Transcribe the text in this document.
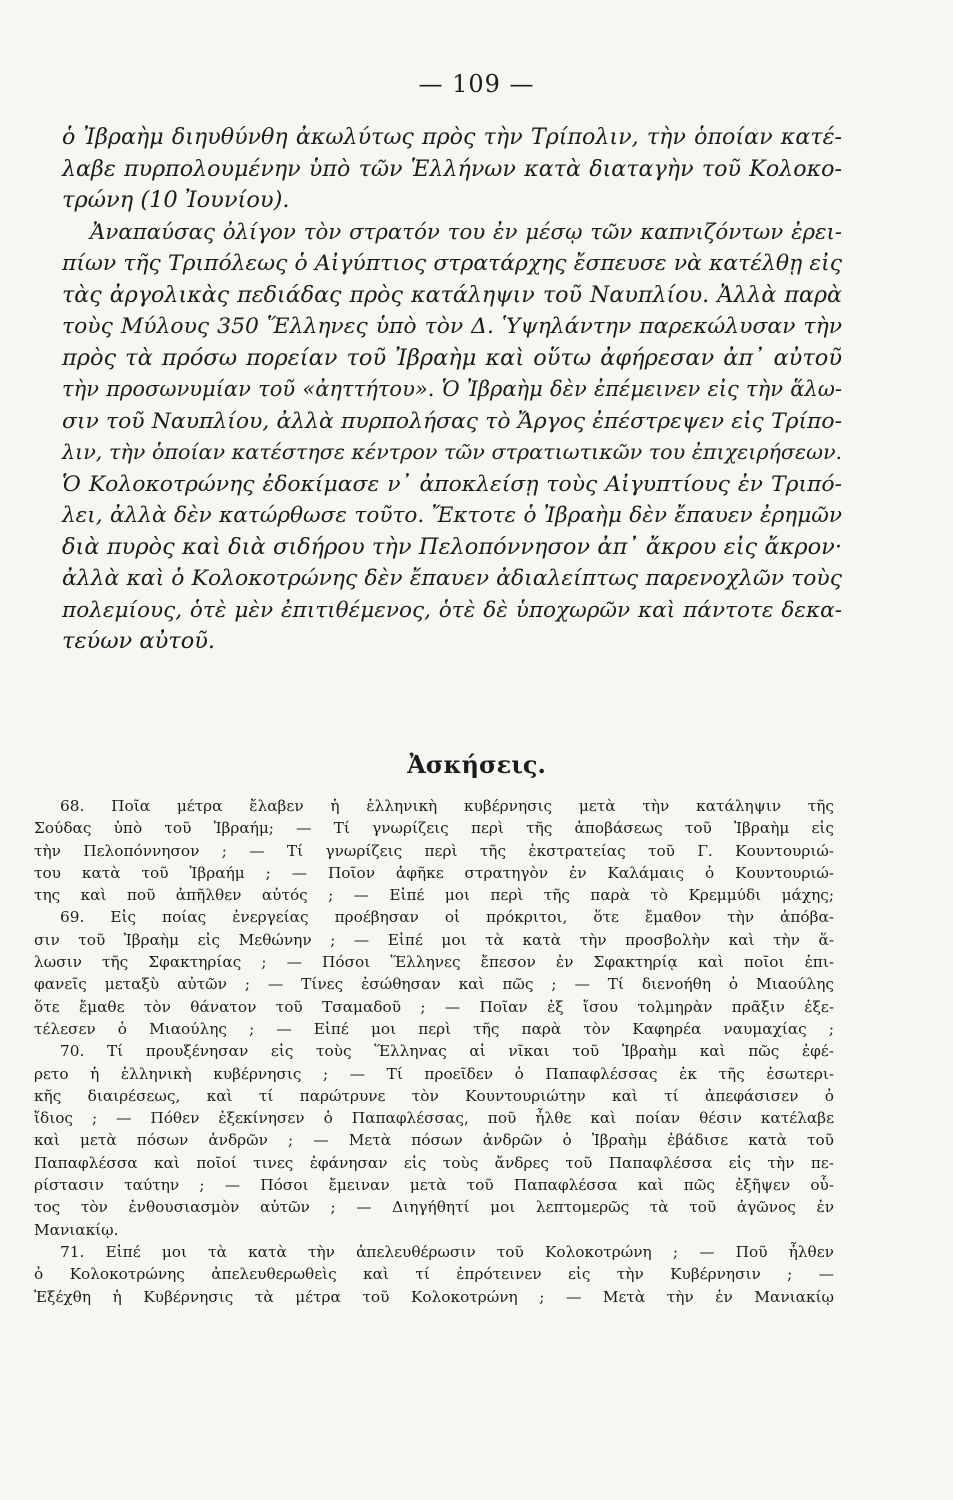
— 109 —
ὁ Ἰβραὴμ διηυθύνθη ἀκωλύτως πρὸς τὴν Τρίπολιν, τὴν ὁποίαν κατέ-
λαβε πυρπολουμένην ὑπὸ τῶν Ἑλλήνων κατὰ διαταγὴν τοῦ Κολοκο-
τρώνη (10 Ἰουνίου).
Ἀναπαύσας ὀλίγον τὸν στρατόν του ἐν μέσῳ τῶν καπνιζόντων ἐρει-
πίων τῆς Τριπόλεως ὁ Αἰγύπτιος στρατάρχης ἔσπευσε νὰ κατέλθῃ εἰς
τὰς ἀργολικὰς πεδιάδας πρὸς κατάληψιν τοῦ Ναυπλίου. Ἀλλὰ παρὰ
τοὺς Μύλους 350 Ἕλληνες ὑπὸ τὸν Δ. Ὑψηλάντην παρεκώλυσαν τὴν
πρὸς τὰ πρόσω πορείαν τοῦ Ἰβραὴμ καὶ οὕτω ἀφήρεσαν ἀπ᾽ αὐτοῦ
τὴν προσωνυμίαν τοῦ «ἀηττήτου». Ὁ Ἰβραὴμ δὲν ἐπέμεινεν εἰς τὴν ἅλω-
σιν τοῦ Ναυπλίου, ἀλλὰ πυρπολήσας τὸ Ἄργος ἐπέστρεψεν εἰς Τρίπο-
λιν, τὴν ὁποίαν κατέστησε κέντρον τῶν στρατιωτικῶν του ἐπιχειρήσεων.
Ὁ Κολοκοτρώνης ἐδοκίμασε ν᾽ ἀποκλείσῃ τοὺς Αἰγυπτίους ἐν Τριπό-
λει, ἀλλὰ δὲν κατώρθωσε τοῦτο. Ἔκτοτε ὁ Ἰβραὴμ δὲν ἔπαυεν ἐρημῶν
διὰ πυρὸς καὶ διὰ σιδήρου τὴν Πελοπόννησον ἀπ᾽ ἄκρου εἰς ἄκρον·
ἀλλὰ καὶ ὁ Κολοκοτρώνης δὲν ἔπαυεν ἀδιαλείπτως παρενοχλῶν τοὺς
πολεμίους, ὁτὲ μὲν ἐπιτιθέμενος, ὁτὲ δὲ ὑποχωρῶν καὶ πάντοτε δεκα-
τεύων αὐτοῦ.
Ἀσκήσεις.
68. Ποῖα μέτρα ἔλαβεν ἡ ἑλληνικὴ κυβέρνησις μετὰ τὴν κατάληψιν τῆς
Σούδας ὑπὸ τοῦ Ἰβραήμ; — Τί γνωρίζεις περὶ τῆς ἀποβάσεως τοῦ Ἰβραὴμ εἰς
τὴν Πελοπόννησον ; — Τί γνωρίζεις περὶ τῆς ἐκστρατείας τοῦ Γ. Κουντουριώ-
του κατὰ τοῦ Ἰβραήμ ; — Ποῖον ἀφῆκε στρατηγὸν ἐν Καλάμαις ὁ Κουντουριώ-
της καὶ ποῦ ἀπῆλθεν αὐτός ; — Εἰπέ μοι περὶ τῆς παρὰ τὸ Κρεμμύδι μάχης;
69. Εἰς ποίας ἐνεργείας προέβησαν οἱ πρόκριτοι, ὅτε ἔμαθον τὴν ἀπόβα-
σιν τοῦ Ἰβραὴμ εἰς Μεθώνην ; — Εἰπέ μοι τὰ κατὰ τὴν προσβολὴν καὶ τὴν ἅ-
λωσιν τῆς Σφακτηρίας ; — Πόσοι Ἕλληνες ἔπεσον ἐν Σφακτηρίᾳ καὶ ποῖοι ἐπι-
φανεῖς μεταξὺ αὐτῶν ; — Τίνες ἐσώθησαν καὶ πῶς ; — Τί διενοήθη ὁ Μιαούλης
ὅτε ἔμαθε τὸν θάνατον τοῦ Τσαμαδοῦ ; — Ποῖαν ἐξ ἴσου τολμηρὰν πρᾶξιν ἐξε-
τέλεσεν ὁ Μιαούλης ; — Εἰπέ μοι περὶ τῆς παρὰ τὸν Καφηρέα ναυμαχίας ;
70. Τί προυξένησαν εἰς τοὺς Ἕλληνας αἱ νῖκαι τοῦ Ἰβραὴμ καὶ πῶς ἐφέ-
ρετο ἡ ἑλληνικὴ κυβέρνησις ; — Τί προεῖδεν ὁ Παπαφλέσσας ἐκ τῆς ἐσωτερι-
κῆς διαιρέσεως, καὶ τί παρώτρυνε τὸν Κουντουριώτην καὶ τί ἀπεφάσισεν ὁ
ἴδιος ; — Πόθεν ἐξεκίνησεν ὁ Παπαφλέσσας, ποῦ ἦλθε καὶ ποίαν θέσιν κατέλαβε
καὶ μετὰ πόσων ἀνδρῶν ; — Μετὰ πόσων ἀνδρῶν ὁ Ἰβραὴμ ἐβάδισε κατὰ τοῦ
Παπαφλέσσα καὶ ποῖοί τινες ἐφάνησαν εἰς τοὺς ἄνδρες τοῦ Παπαφλέσσα εἰς τὴν πε-
ρίστασιν ταύτην ; — Πόσοι ἔμειναν μετὰ τοῦ Παπαφλέσσα καὶ πῶς ἐξῆψεν οὗ-
τος τὸν ἐνθουσιασμὸν αὐτῶν ; — Διηγήθητί μοι λεπτομερῶς τὰ τοῦ ἀγῶνος ἐν
Μανιακίῳ.
71. Εἰπέ μοι τὰ κατὰ τὴν ἀπελευθέρωσιν τοῦ Κολοκοτρώνη ; — Ποῦ ἦλθεν
ὁ Κολοκοτρώνης ἀπελευθερωθεὶς καὶ τί ἐπρότεινεν εἰς τὴν Κυβέρνησιν ; —
Ἐξέχθη ἡ Κυβέρνησις τὰ μέτρα τοῦ Κολοκοτρώνη ; — Μετὰ τὴν ἐν Μανιακίῳ
